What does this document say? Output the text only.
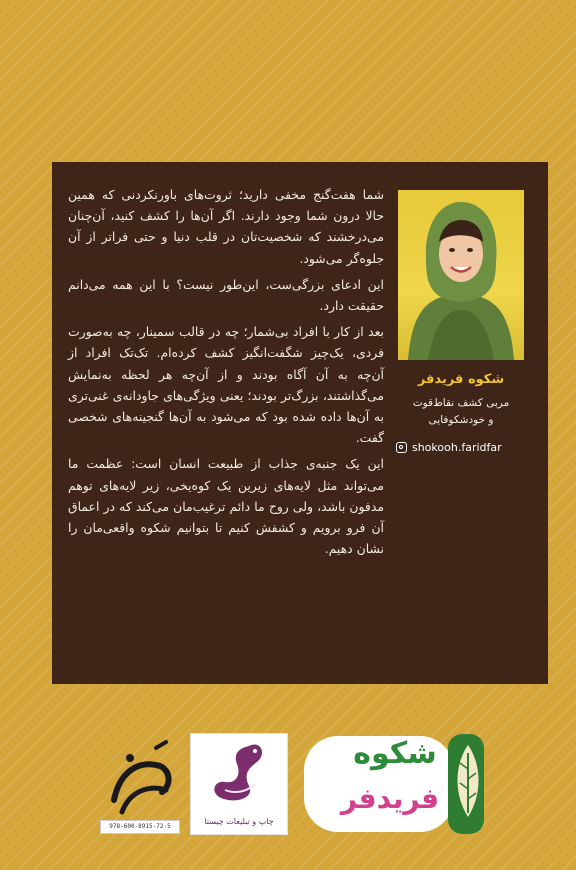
شما هفت‌گنج مخفی دارید؛ ثروت‌های باورنکردنی که همین حالا درون شما وجود دارند. اگر آن‌ها را کشف کنید، آن‌چنان می‌درخشند که شخصیت‌تان در قلب دنیا و حتی فراتر از آن جلوه‌گر می‌شود.

این ادعای بزرگی‌ست، این‌طور نیست؟ با این همه می‌دانم حقیقت دارد.

بعد از کار با افراد بی‌شمار؛ چه در قالب سمینار، چه به‌صورت فردی، یک‌چیز شگفت‌انگیز کشف کرده‌ام. تک‌تک افراد از آن‌چه به آن آگاه بودند و از آن‌چه هر لحظه به‌نمایش می‌گذاشتند، بزرگ‌تر بودند؛ یعنی ویژگی‌های جاودانه‌ی غنی‌تری به آن‌ها داده شده بود که می‌شود به آن‌ها گنجینه‌های شخصی گفت.

این یک جنبه‌ی جذاب از طبیعت انسان است: عظمت ما می‌تواند مثل لایه‌های زیرین یک کوه‌یخی، زیر لایه‌های توهم مدفون باشد، ولی روح ما دائم ترغیب‌مان می‌کند که در اعماق آن فرو برویم و کشفش کنیم تا بتوانیم شکوه واقعی‌مان را نشان دهیم.

شکوه فریدفر
مربی کشف نقاط‌قوت
و خودشکوفایی
shokooh.faridfar
978-600-8915-72-5
چاپ و تبلیغات چیستا
شکوه
فریدفر
